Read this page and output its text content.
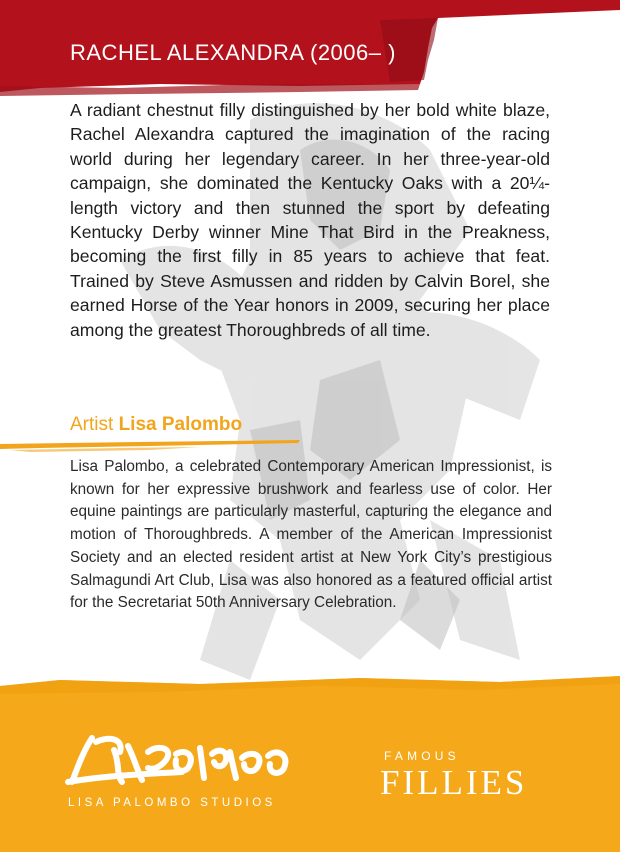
RACHEL ALEXANDRA (2006– )

A radiant chestnut filly distinguished by her bold white blaze, Rachel Alexandra captured the imagination of the racing world during her legendary career. In her three-year-old campaign, she dominated the Kentucky Oaks with a 20¼-length victory and then stunned the sport by defeating Kentucky Derby winner Mine That Bird in the Preakness, becoming the first filly in 85 years to achieve that feat. Trained by Steve Asmussen and ridden by Calvin Borel, she earned Horse of the Year honors in 2009, securing her place among the greatest Thoroughbreds of all time.

Artist Lisa Palombo

Lisa Palombo, a celebrated Contemporary American Impressionist, is known for her expressive brushwork and fearless use of color. Her equine paintings are particularly masterful, capturing the elegance and motion of Thoroughbreds. A member of the American Impressionist Society and an elected resident artist at New York City’s prestigious Salmagundi Art Club, Lisa was also honored as a featured official artist for the Secretariat 50th Anniversary Celebration.

LISA PALOMBO STUDIOS
FAMOUS
FILLIES
